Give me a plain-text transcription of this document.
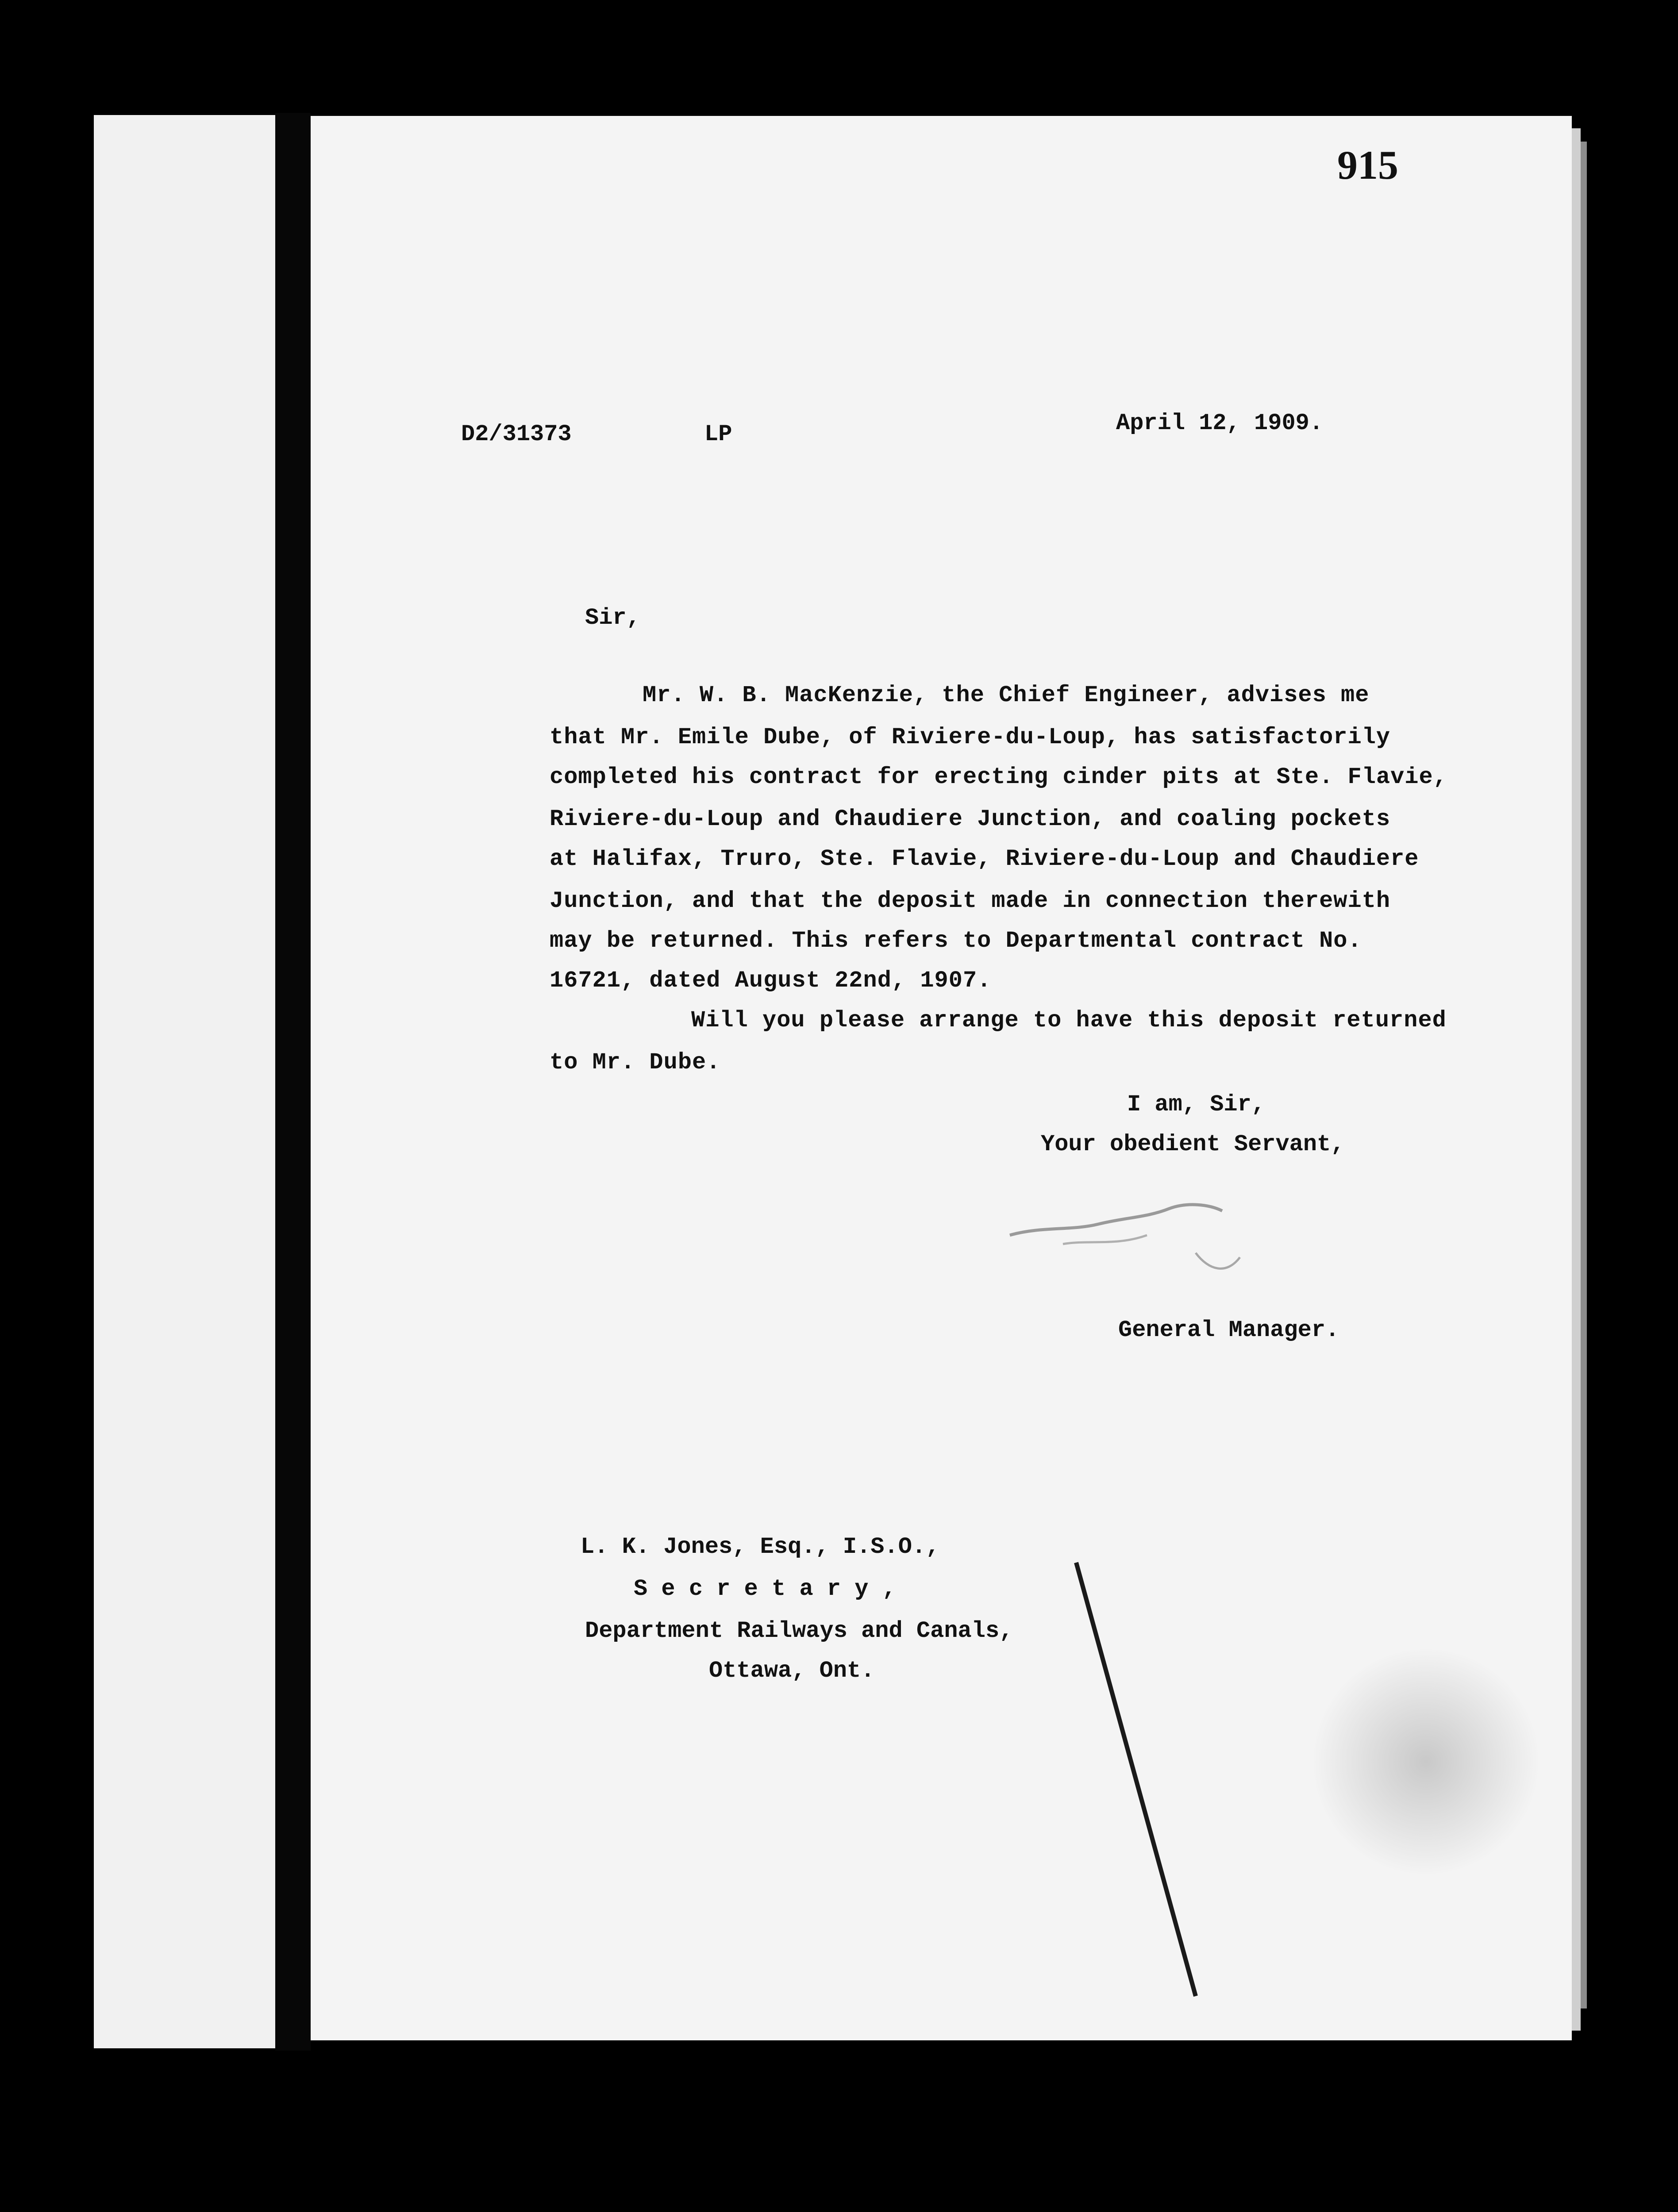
915
D2/31373	LP	April 12, 1909.
Sir,
Mr. W. B. MacKenzie, the Chief Engineer, advises me
that Mr. Emile Dube, of Riviere-du-Loup, has satisfactorily
completed his contract for erecting cinder pits at Ste. Flavie,
Riviere-du-Loup and Chaudiere Junction, and coaling pockets
at Halifax, Truro, Ste. Flavie, Riviere-du-Loup and Chaudiere
Junction, and that the deposit made in connection therewith
may be returned. This refers to Departmental contract No.
16721, dated August 22nd, 1907.
Will you please arrange to have this deposit returned
to Mr. Dube.
I am, Sir,
Your obedient Servant,
General Manager.
L. K. Jones, Esq., I.S.O.,
S e c r e t a r y ,
Department Railways and Canals,
Ottawa, Ont.
